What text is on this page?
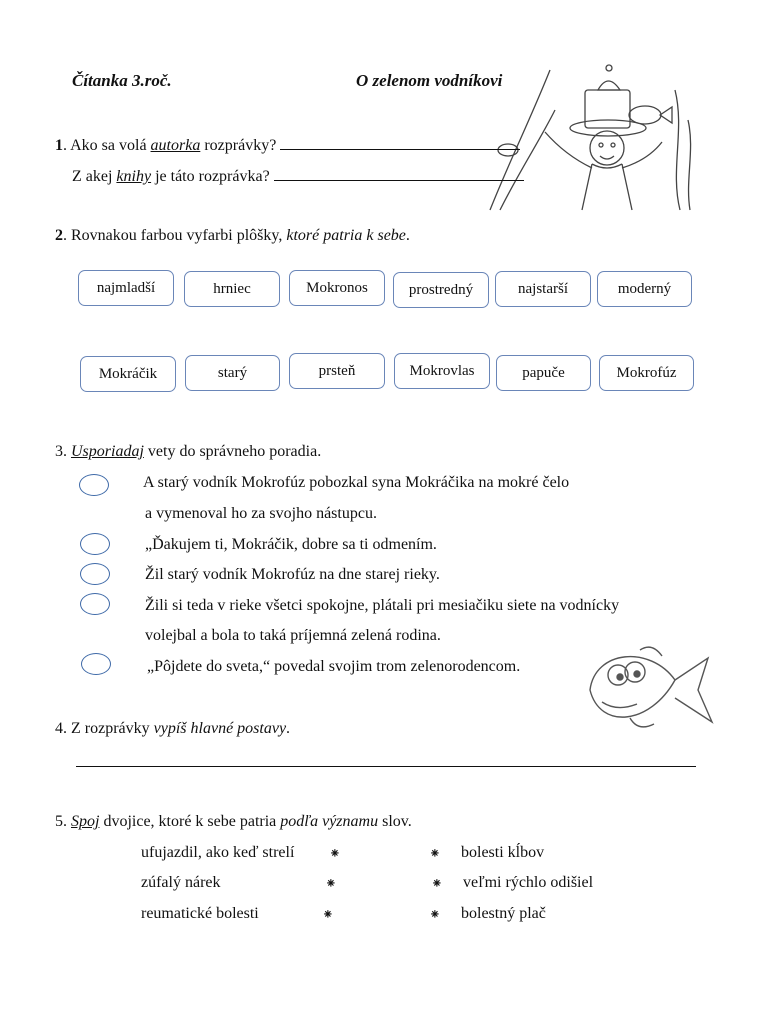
Čítanka 3.roč.	O zelenom vodníkovi
1. Ako sa volá autorka rozprávky?
Z akej knihy je táto rozprávka?
2. Rovnakou farbou vyfarbi plôšky, ktoré patria k sebe.
najmladší	hrniec	Mokronos	prostredný	najstarší	moderný
Mokráčik	starý	prsteň	Mokrovlas	papuče	Mokrofúz
3. Usporiadaj vety do správneho poradia.
A starý vodník Mokrofúz pobozkal syna Mokráčika na mokré čelo
a vymenoval ho za svojho nástupcu.
„Ďakujem ti, Mokráčik, dobre sa ti odmením.
Žil starý vodník Mokrofúz na dne starej rieky.
Žili si teda v rieke všetci spokojne, plátali pri mesiačiku siete na vodnícky
volejbal a bola to taká príjemná zelená rodina.
„Pôjdete do sveta,“ povedal svojim trom zelenorodencom.
4. Z rozprávky vypíš hlavné postavy.
5. Spoj dvojice, ktoré k sebe patria podľa významu slov.
ufujazdil, ako keď strelí ⁕	⁕ bolesti kĺbov
zúfalý nárek	⁕	⁕ veľmi rýchlo odišiel
reumatické bolesti	⁕	⁕ bolestný plač
